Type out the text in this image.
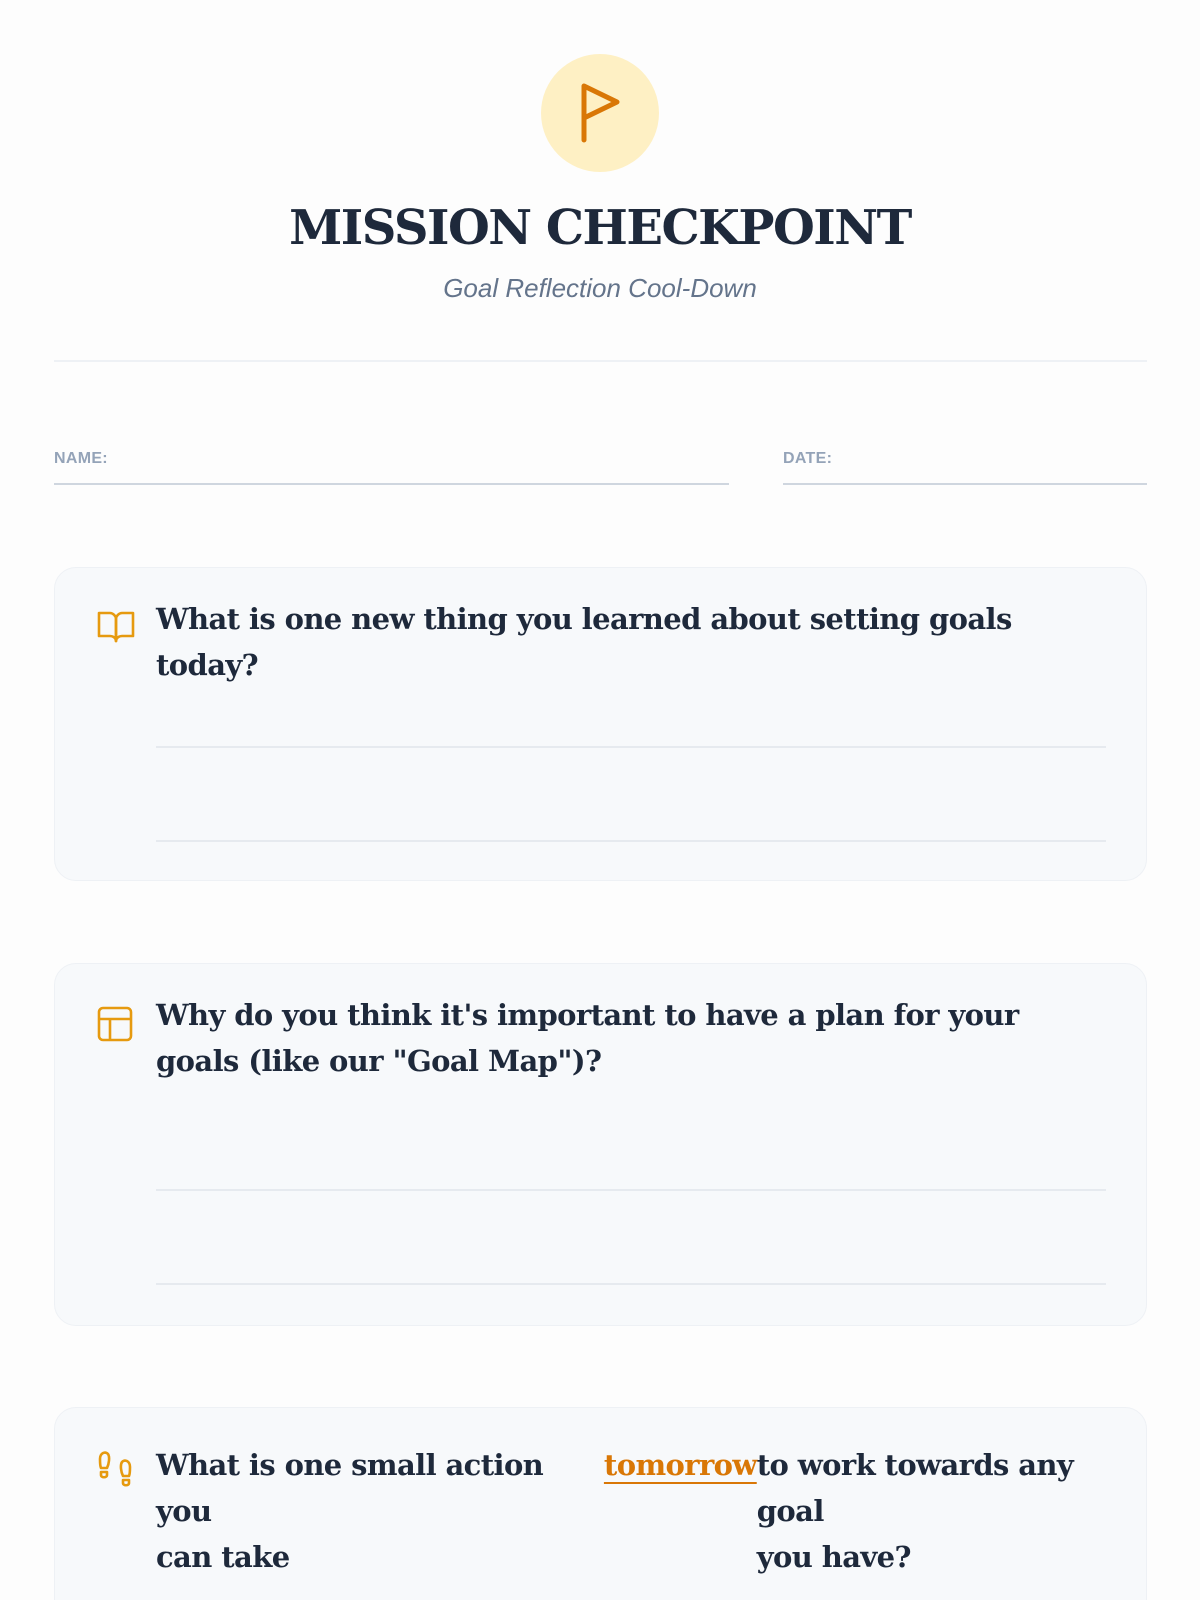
MISSION CHECKPOINT
Goal Reflection Cool-Down
NAME:	DATE:
What is one new thing you learned about setting goals today?
Why do you think it's important to have a plan for your goals (like our "Goal Map")?
What is one small action you
can take
tomorrow to work towards any goal
you have?
